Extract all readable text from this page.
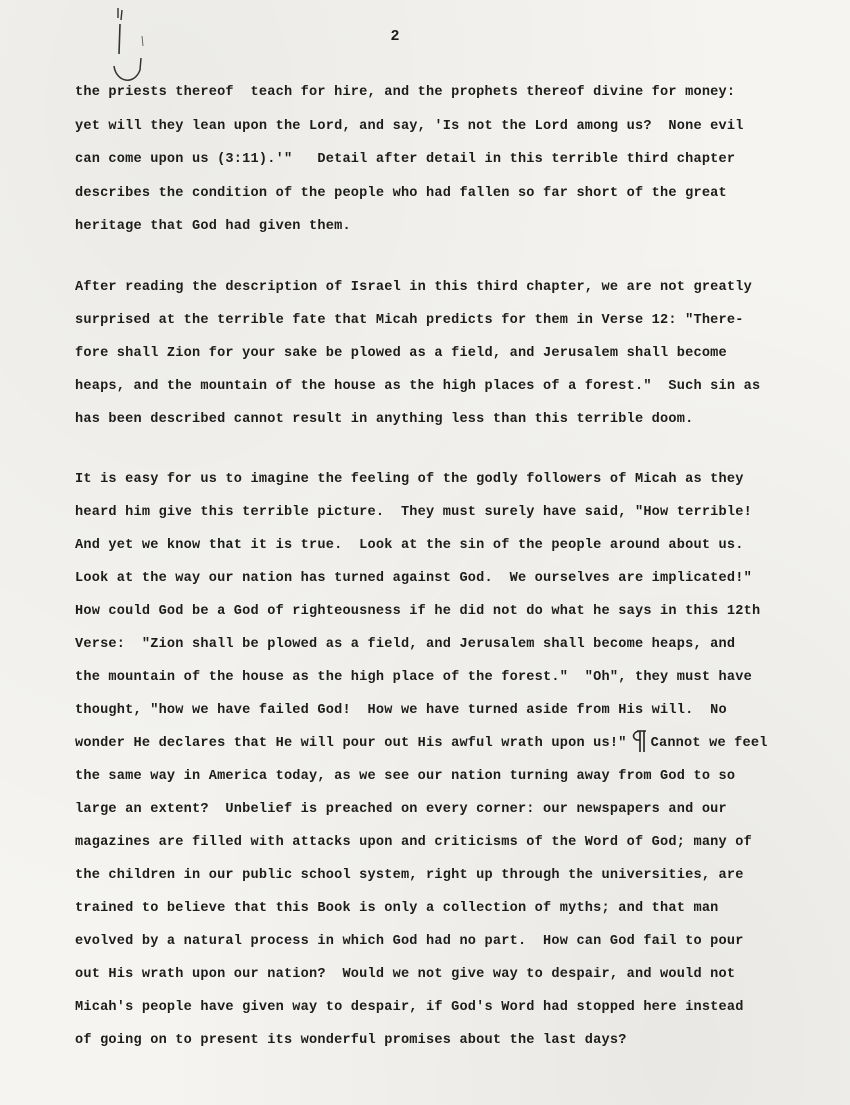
2
the priests thereof  teach for hire, and the prophets thereof divine for money:
yet will they lean upon the Lord, and say, 'Is not the Lord among us?  None evil
can come upon us (3:11).'"   Detail after detail in this terrible third chapter
describes the condition of the people who had fallen so far short of the great
heritage that God had given them.
After reading the description of Israel in this third chapter, we are not greatly
surprised at the terrible fate that Micah predicts for them in Verse 12: "There-
fore shall Zion for your sake be plowed as a field, and Jerusalem shall become
heaps, and the mountain of the house as the high places of a forest."  Such sin as
has been described cannot result in anything less than this terrible doom.
It is easy for us to imagine the feeling of the godly followers of Micah as they
heard him give this terrible picture.  They must surely have said, "How terrible!
And yet we know that it is true.  Look at the sin of the people around about us.
Look at the way our nation has turned against God.  We ourselves are implicated!"
How could God be a God of righteousness if he did not do what he says in this 12th
Verse:  "Zion shall be plowed as a field, and Jerusalem shall become heaps, and
the mountain of the house as the high place of the forest."  "Oh", they must have
thought, "how we have failed God!  How we have turned aside from His will.  No
wonder He declares that He will pour out His awful wrath upon us!" Cannot we feel
the same way in America today, as we see our nation turning away from God to so
large an extent?  Unbelief is preached on every corner: our newspapers and our
magazines are filled with attacks upon and criticisms of the Word of God; many of
the children in our public school system, right up through the universities, are
trained to believe that this Book is only a collection of myths; and that man
evolved by a natural process in which God had no part.  How can God fail to pour
out His wrath upon our nation?  Would we not give way to despair, and would not
Micah's people have given way to despair, if God's Word had stopped here instead
of going on to present its wonderful promises about the last days?
